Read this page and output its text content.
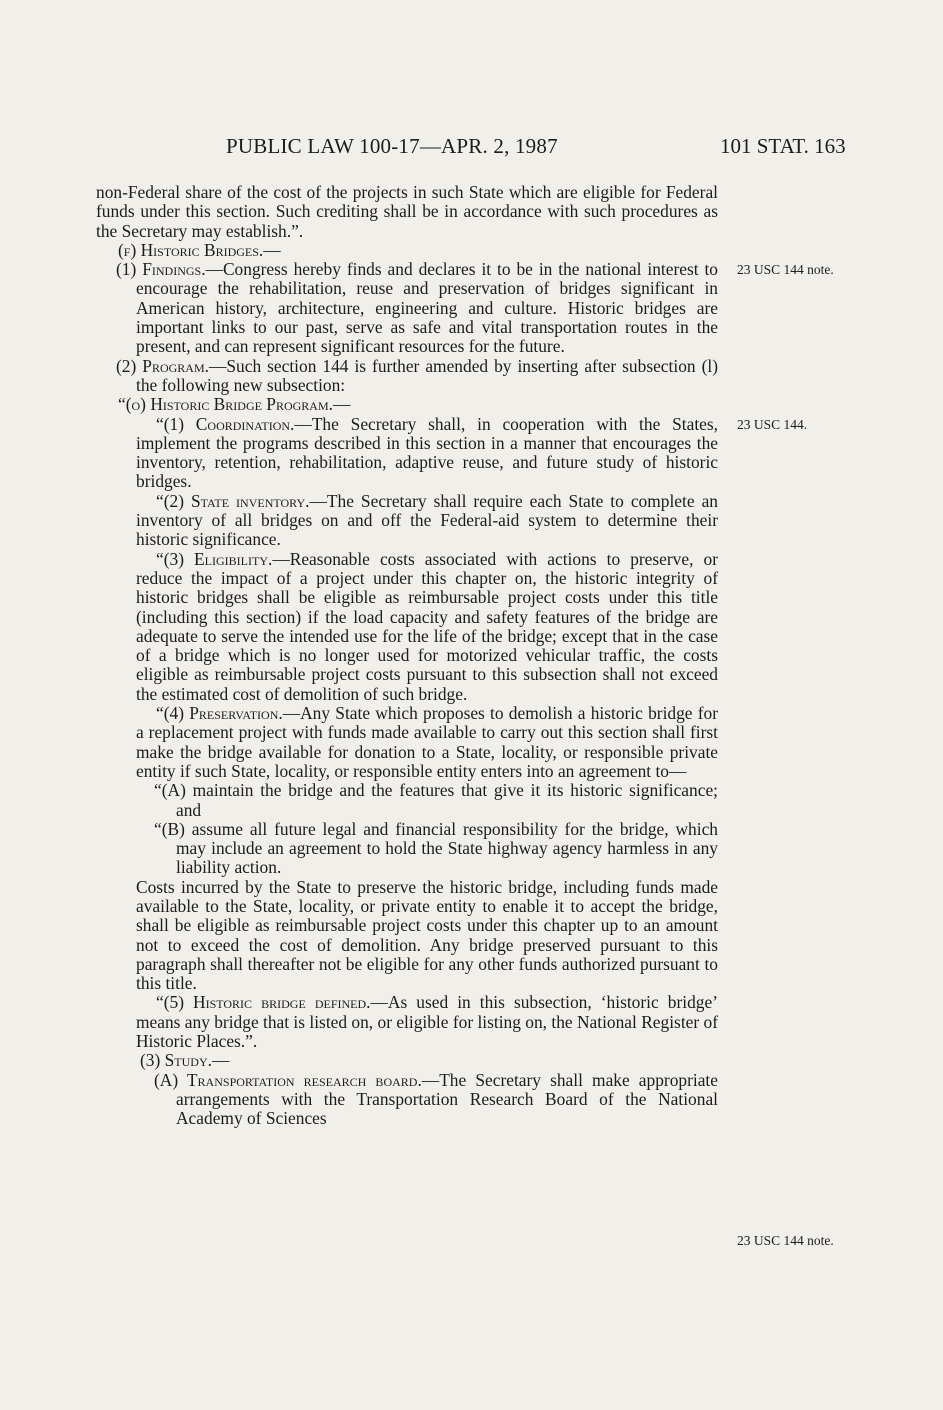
PUBLIC LAW 100-17—APR. 2, 1987	101 STAT. 163

non-Federal share of the cost of the projects in such State which are eligible for Federal funds under this section. Such crediting shall be in accordance with such procedures as the Secretary may establish.”.

(f) Historic Bridges.—

(1) Findings.—Congress hereby finds and declares it to be in the national interest to encourage the rehabilitation, reuse and preservation of bridges significant in American history, architecture, engineering and culture. Historic bridges are important links to our past, serve as safe and vital transportation routes in the present, and can represent significant resources for the future.

(2) Program.—Such section 144 is further amended by inserting after subsection (l) the following new subsection:

“(o) Historic Bridge Program.—

“(1) Coordination.—The Secretary shall, in cooperation with the States, implement the programs described in this section in a manner that encourages the inventory, retention, rehabilitation, adaptive reuse, and future study of historic bridges.

“(2) State inventory.—The Secretary shall require each State to complete an inventory of all bridges on and off the Federal-aid system to determine their historic significance.

“(3) Eligibility.—Reasonable costs associated with actions to preserve, or reduce the impact of a project under this chapter on, the historic integrity of historic bridges shall be eligible as reimbursable project costs under this title (including this section) if the load capacity and safety features of the bridge are adequate to serve the intended use for the life of the bridge; except that in the case of a bridge which is no longer used for motorized vehicular traffic, the costs eligible as reimbursable project costs pursuant to this subsection shall not exceed the estimated cost of demolition of such bridge.

“(4) Preservation.—Any State which proposes to demolish a historic bridge for a replacement project with funds made available to carry out this section shall first make the bridge available for donation to a State, locality, or responsible private entity if such State, locality, or responsible entity enters into an agreement to—

“(A) maintain the bridge and the features that give it its historic significance; and

“(B) assume all future legal and financial responsibility for the bridge, which may include an agreement to hold the State highway agency harmless in any liability action.

Costs incurred by the State to preserve the historic bridge, including funds made available to the State, locality, or private entity to enable it to accept the bridge, shall be eligible as reimbursable project costs under this chapter up to an amount not to exceed the cost of demolition. Any bridge preserved pursuant to this paragraph shall thereafter not be eligible for any other funds authorized pursuant to this title.

“(5) Historic bridge defined.—As used in this subsection, ‘historic bridge’ means any bridge that is listed on, or eligible for listing on, the National Register of Historic Places.”.

(3) Study.—

(A) Transportation research board.—The Secretary shall make appropriate arrangements with the Transportation Research Board of the National Academy of Sciences

23 USC 144 note.
23 USC 144.
23 USC 144 note.
